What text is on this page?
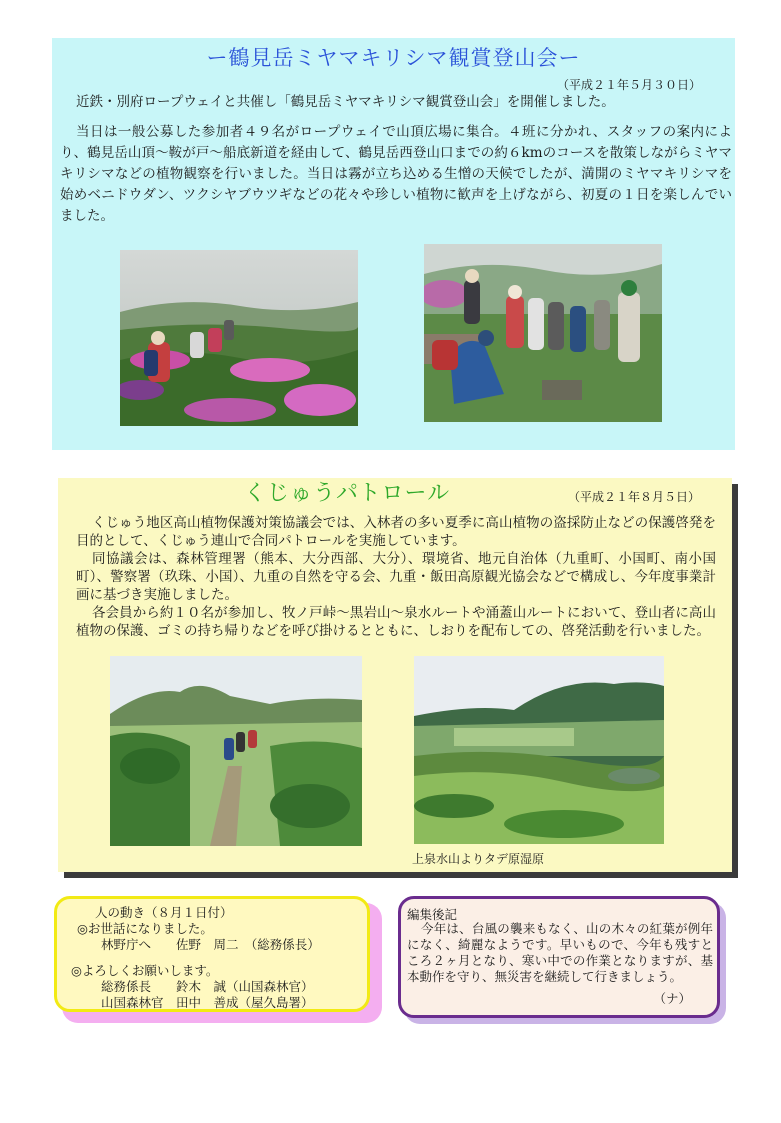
ー鶴見岳ミヤマキリシマ観賞登山会ー
（平成２１年５月３０日）
近鉄・別府ロープウェイと共催し「鶴見岳ミヤマキリシマ観賞登山会」を開催しました。
当日は一般公募した参加者４９名がロープウェイで山頂広場に集合。４班に分かれ、スタッフの案内により、鶴見岳山頂～鞍が戸～船底新道を経由して、鶴見岳西登山口までの約６kmのコースを散策しながらミヤマキリシマなどの植物観察を行いました。当日は霧が立ち込める生憎の天候でしたが、満開のミヤマキリシマを始めベニドウダン、ツクシヤブウツギなどの花々や珍しい植物に歓声を上げながら、初夏の１日を楽しんでいました。
くじゅうパトロール	（平成２１年８月５日）

くじゅう地区高山植物保護対策協議会では、入林者の多い夏季に高山植物の盗採防止などの保護啓発を目的として、くじゅう連山で合同パトロールを実施しています。

同協議会は、森林管理署（熊本、大分西部、大分）、環境省、地元自治体（九重町、小国町、南小国町）、警察署（玖珠、小国）、九重の自然を守る会、九重・飯田高原観光協会などで構成し、今年度事業計画に基づき実施しました。

各会員から約１０名が参加し、牧ノ戸峠～黒岩山～泉水ルートや涌蓋山ルートにおいて、登山者に高山植物の保護、ゴミの持ち帰りなどを呼び掛けるとともに、しおりを配布しての、啓発活動を行いました。

上泉水山よりタデ原湿原
人の動き（８月１日付）
◎お世話になりました。
林野庁へ　　佐野　周二　（総務係長）
◎よろしくお願いします。
総務係長　　鈴木　誠（山国森林官）
山国森林官　田中　善成（屋久島署）
編集後記
今年は、台風の襲来もなく、山の木々の紅葉が例年になく、綺麗なようです。早いもので、今年も残すところ２ヶ月となり、寒い中での作業となりますが、基本動作を守り、無災害を継続して行きましょう。
（ナ）
